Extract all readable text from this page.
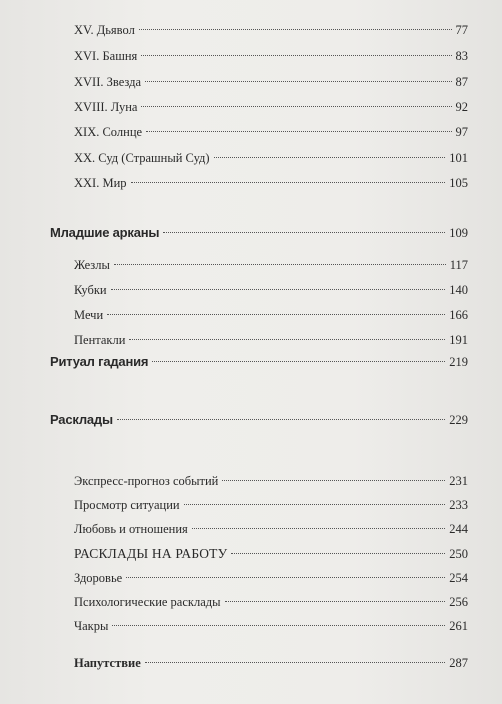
XV. Дьявол	77
XVI. Башня	83
XVII. Звезда	87
XVIII. Луна	92
XIX. Солнце	97
XX. Суд (Страшный Суд)	101
XXI. Мир	105
Младшие арканы	109
Жезлы	117
Кубки	140
Мечи	166
Пентакли	191
Ритуал гадания	219
Расклады	229
Экспресс-прогноз событий	231
Просмотр ситуации	233
Любовь и отношения	244
РАСКЛАДЫ НА РАБОТУ	250
Здоровье	254
Психологические расклады	256
Чакры	261
Напутствие	287
